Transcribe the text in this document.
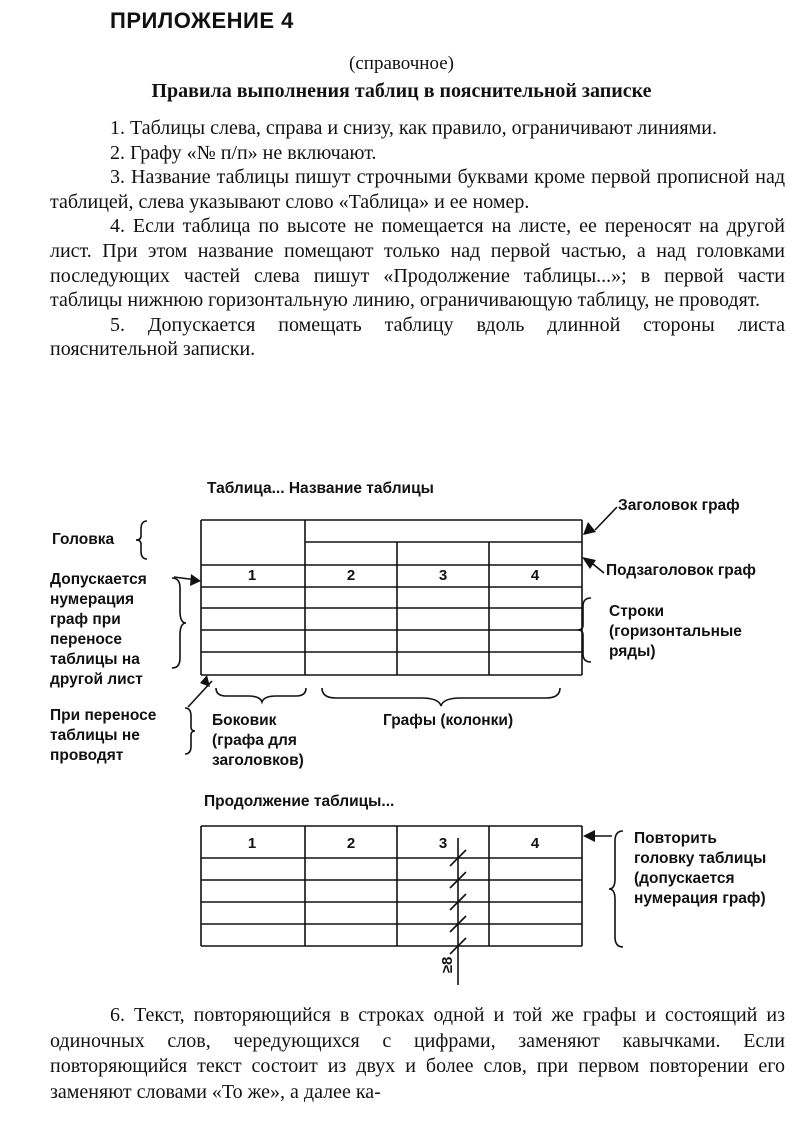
ПРИЛОЖЕНИЕ 4
(справочное)
Правила выполнения таблиц в пояснительной записке

1. Таблицы слева, справа и снизу, как правило, ограничивают линиями.

2. Графу «№ п/п» не включают.

3. Название таблицы пишут строчными буквами кроме первой прописной над таблицей, слева указывают слово «Таблица» и ее номер.

4. Если таблица по высоте не помещается на листе, ее переносят на другой лист. При этом название помещают только над первой частью, а над головками последующих частей слева пишут «Продолжение таблицы...»; в первой части таблицы нижнюю горизонтальную линию, ограничивающую таблицу, не проводят.

5. Допускается помещать таблицу вдоль длинной стороны листа пояснительной записки.

Таблица... Название таблицы
Заголовок граф
Головка
Подзаголовок граф
Допускается нумерация граф при переносе таблицы на другой лист
Строки (горизонтальные ряды)
При переносе таблицы не проводят
Боковик (графа для заголовков)
Графы (колонки)
Продолжение таблицы...
Повторить головку таблицы (допускается нумерация граф)
1	2	3	4
1	2	3	4
≥8

6. Текст, повторяющийся в строках одной и той же графы и состоящий из одиночных слов, чередующихся с цифрами, заменяют кавычками. Если повторяющийся текст состоит из двух и более слов, при первом повторении его заменяют словами «То же», а далее ка-
